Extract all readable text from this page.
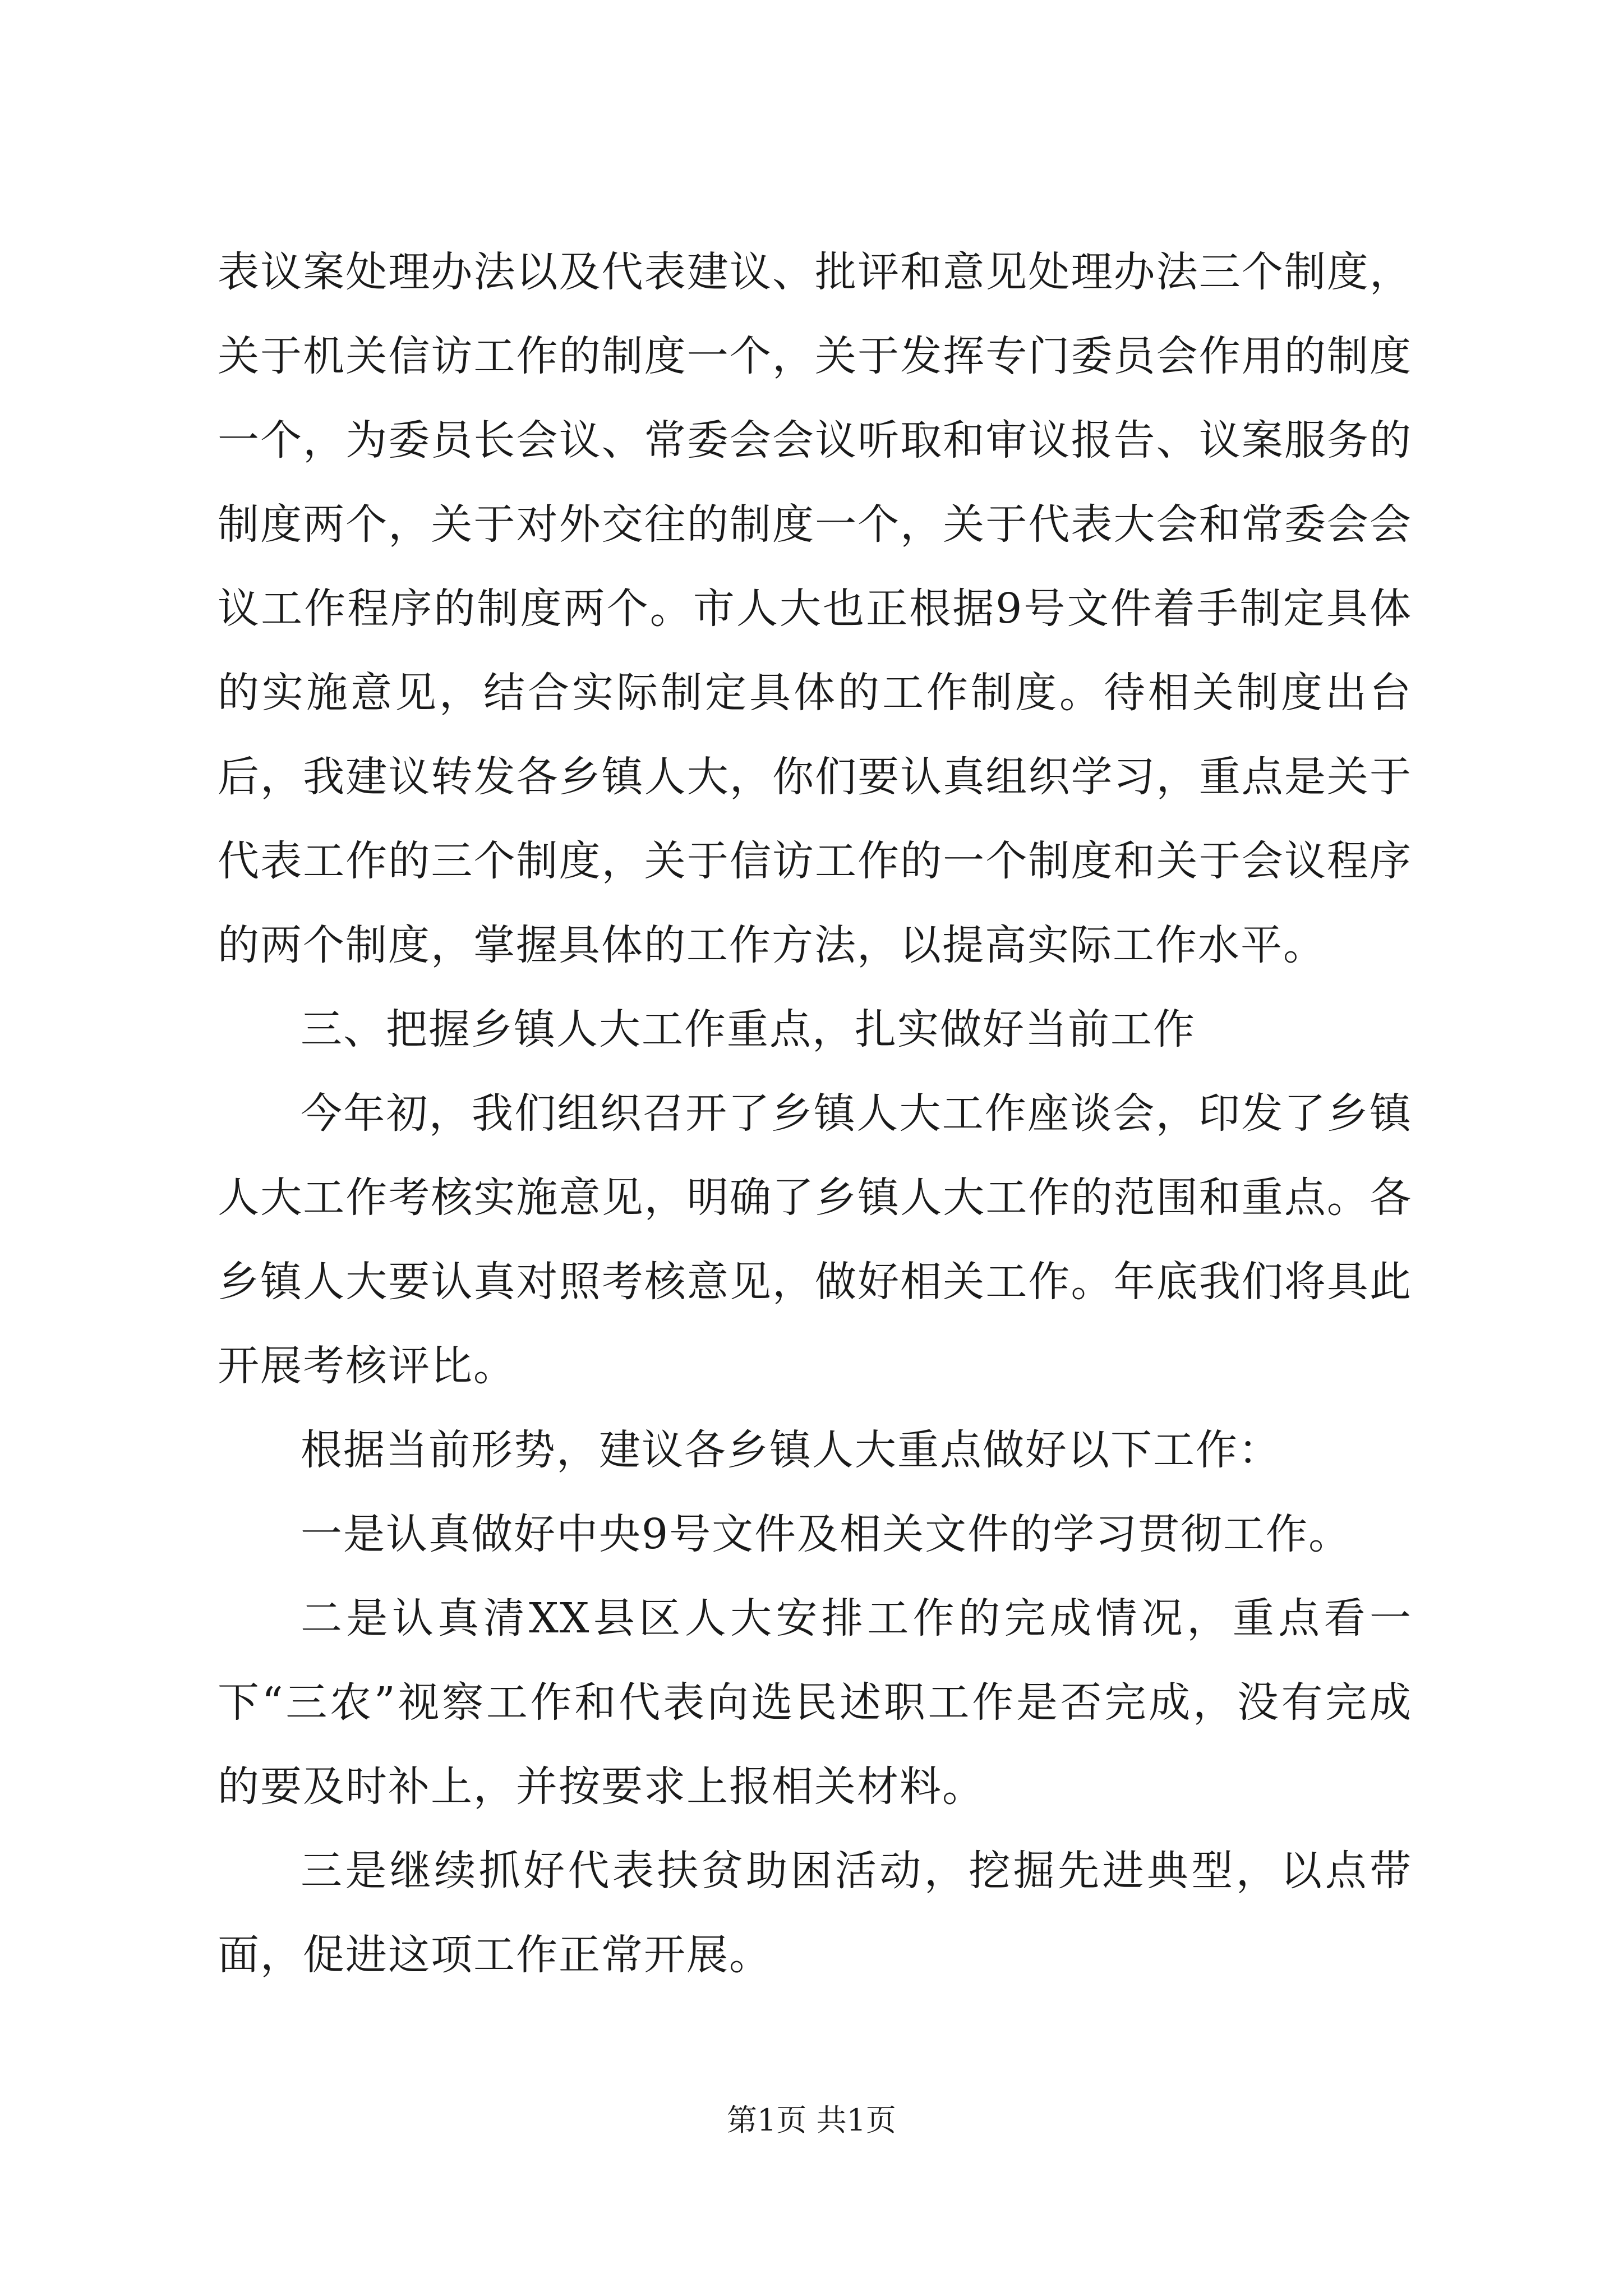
表议案处理办法以及代表建议、批评和意见处理办法三个制度，关于机关信访工作的制度一个，关于发挥专门委员会作用的制度一个，为委员长会议、常委会会议听取和审议报告、议案服务的制度两个，关于对外交往的制度一个，关于代表大会和常委会会议工作程序的制度两个。市人大也正根据9号文件着手制定具体的实施意见，结合实际制定具体的工作制度。待相关制度出台后，我建议转发各乡镇人大，你们要认真组织学习，重点是关于代表工作的三个制度，关于信访工作的一个制度和关于会议程序的两个制度，掌握具体的工作方法，以提高实际工作水平。

三、把握乡镇人大工作重点，扎实做好当前工作

今年初，我们组织召开了乡镇人大工作座谈会，印发了乡镇人大工作考核实施意见，明确了乡镇人大工作的范围和重点。各乡镇人大要认真对照考核意见，做好相关工作。年底我们将具此开展考核评比。

根据当前形势，建议各乡镇人大重点做好以下工作：

一是认真做好中央9号文件及相关文件的学习贯彻工作。

二是认真清XX县区人大安排工作的完成情况，重点看一下“三农”视察工作和代表向选民述职工作是否完成，没有完成的要及时补上，并按要求上报相关材料。

三是继续抓好代表扶贫助困活动，挖掘先进典型，以点带面，促进这项工作正常开展。

第1页 共1页
